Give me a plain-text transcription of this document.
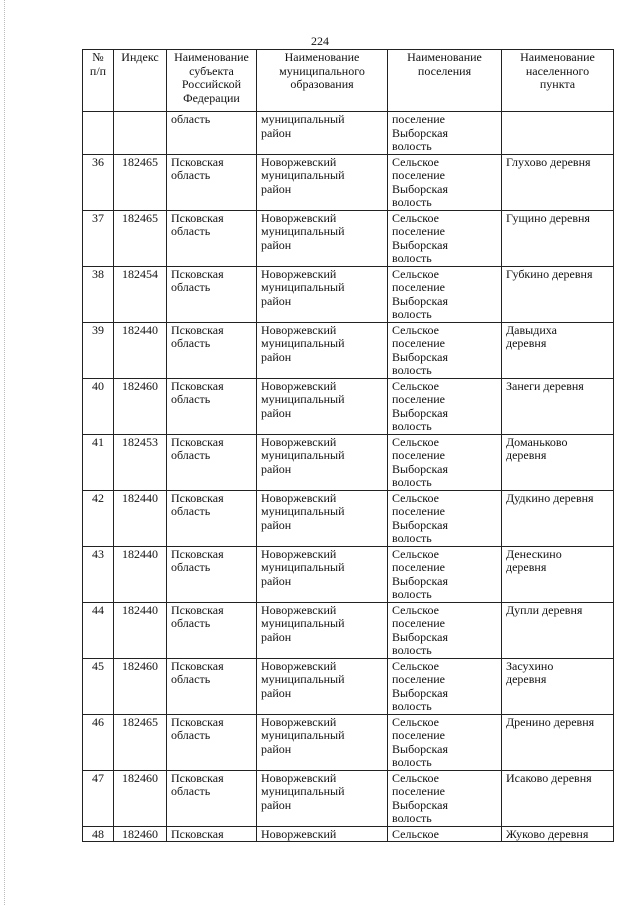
224
№
п/п	Индекс	Наименование
субъекта
Российской
Федерации	Наименование
муниципального
образования	Наименование
поселения	Наименование
населенного
пункта

		область	муниципальный
район	поселение
Выборская
волость	

36	182465	Псковская
область	Новоржевский
муниципальный
район	Сельское
поселение
Выборская
волость	Глухово деревня

37	182465	Псковская
область	Новоржевский
муниципальный
район	Сельское
поселение
Выборская
волость	Гущино деревня

38	182454	Псковская
область	Новоржевский
муниципальный
район	Сельское
поселение
Выборская
волость	Губкино деревня

39	182440	Псковская
область	Новоржевский
муниципальный
район	Сельское
поселение
Выборская
волость	Давыдиха
деревня

40	182460	Псковская
область	Новоржевский
муниципальный
район	Сельское
поселение
Выборская
волость	Занеги деревня

41	182453	Псковская
область	Новоржевский
муниципальный
район	Сельское
поселение
Выборская
волость	Доманьково
деревня

42	182440	Псковская
область	Новоржевский
муниципальный
район	Сельское
поселение
Выборская
волость	Дудкино деревня

43	182440	Псковская
область	Новоржевский
муниципальный
район	Сельское
поселение
Выборская
волость	Денескино
деревня

44	182440	Псковская
область	Новоржевский
муниципальный
район	Сельское
поселение
Выборская
волость	Дупли деревня

45	182460	Псковская
область	Новоржевский
муниципальный
район	Сельское
поселение
Выборская
волость	Засухино
деревня

46	182465	Псковская
область	Новоржевский
муниципальный
район	Сельское
поселение
Выборская
волость	Дренино деревня

47	182460	Псковская
область	Новоржевский
муниципальный
район	Сельское
поселение
Выборская
волость	Исаково деревня

48	182460	Псковская	Новоржевский	Сельское	Жуково деревня
